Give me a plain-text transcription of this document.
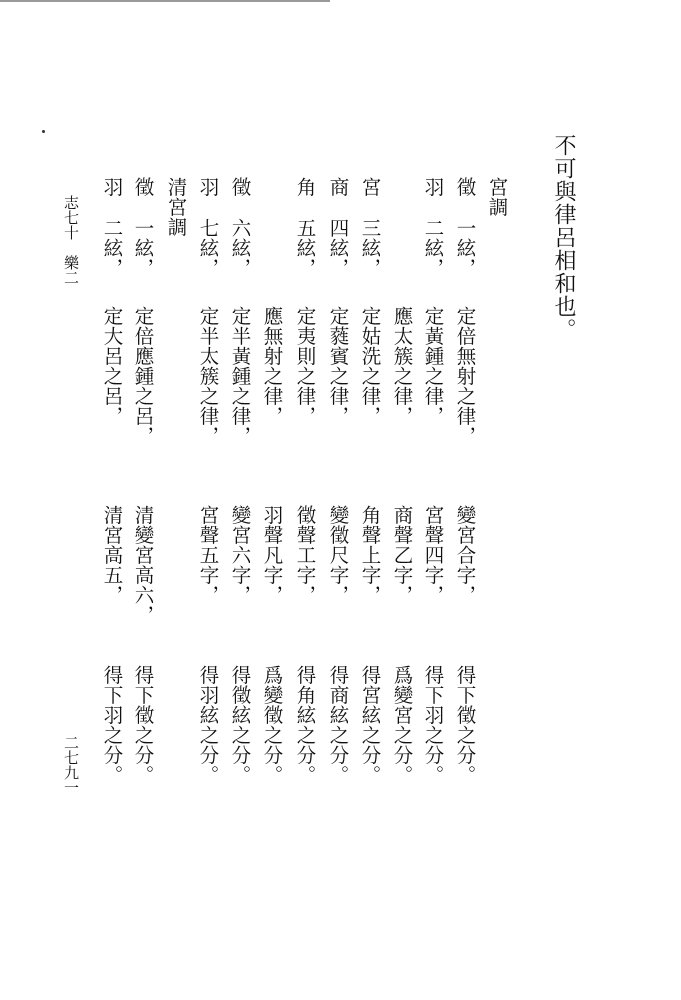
不可與律呂相和也。
宮調
徵
一絃，
定倍無射之律，
變宮合字，
得下徵之分。
羽
二絃，
定黃鍾之律，
宮聲四字，
得下羽之分。
應太簇之律，
商聲乙字，
爲變宮之分。
宮
三絃，
定姑洗之律，
角聲上字，
得宮絃之分。
商
四絃，
定蕤賓之律，
變徵尺字，
得商絃之分。
角
五絃，
定夷則之律，
徵聲工字，
得角絃之分。
應無射之律，
羽聲凡字，
爲變徵之分。
徵
六絃，
定半黃鍾之律，
變宮六字，
得徵絃之分。
羽
七絃，
定半太簇之律，
宮聲五字，
得羽絃之分。
清宮調
徵
一絃，
定倍應鍾之呂，
清變宮高六，
得下徵之分。
羽
二絃，
定大呂之呂，
清宮高五，
得下羽之分。
志七十　樂二
二七九一
